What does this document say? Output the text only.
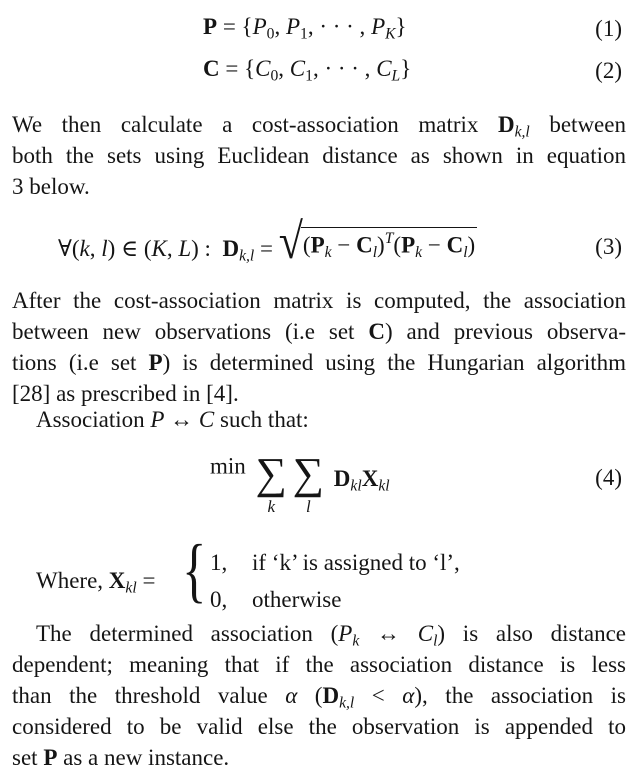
$P = \{P_0$, $P_1$, · · · , $P_K$}	(1)
$C = \{C_0$, $C_1$, · · · , $C_L$}	(2)
We then calculate a cost-association matrix $D_{k,l}$ between
both the sets using Euclidean distance as shown in equation
3 below.
∀(k, l) ∈ (K, L) :  $D_{k,l}$ = √ $(P_k - C_l)^T(P_k - C_l)$	(3)
After the cost-association matrix is computed, the association
between new observations (i.e set C) and previous observa-
tions (i.e set P) is determined using the Hungarian algorithm
[28] as prescribed in [4].
Association P ↔ C such that:
min ∑
k ∑
l $D_{kl}X_{kl}$	(4)
Where, $X_{kl}$ = { 1, if ‘k’ is assigned to ‘l’,
0, otherwise
The determined association ($P_k$ ↔ $C_l$) is also distance
dependent; meaning that if the association distance is less
than the threshold value α $(D_{k,l} < \alpha)$, the association is
considered to be valid else the observation is appended to
set P as a new instance.
